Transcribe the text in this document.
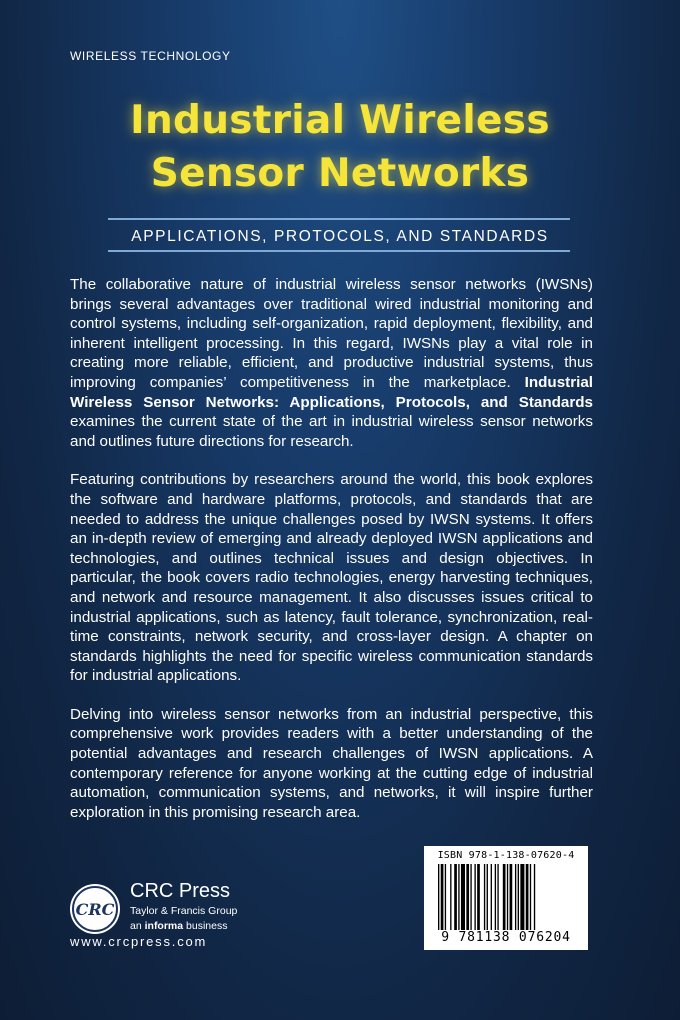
WIRELESS TECHNOLOGY
Industrial Wireless
Sensor Networks
APPLICATIONS, PROTOCOLS, AND STANDARDS

The collaborative nature of industrial wireless sensor networks (IWSNs) brings several advantages over traditional wired industrial monitoring and control systems, including self-organization, rapid deployment, flexibility, and inherent intelligent processing. In this regard, IWSNs play a vital role in creating more reliable, efficient, and productive industrial systems, thus improving companies’ competitiveness in the marketplace. Industrial Wireless Sensor Networks: Applications, Protocols, and Standards examines the current state of the art in industrial wireless sensor networks and outlines future directions for research.

Featuring contributions by researchers around the world, this book explores the software and hardware platforms, protocols, and standards that are needed to address the unique challenges posed by IWSN systems. It offers an in-depth review of emerging and already deployed IWSN applications and technologies, and outlines technical issues and design objectives. In particular, the book covers radio technologies, energy harvesting techniques, and network and resource management. It also discusses issues critical to industrial applications, such as latency, fault tolerance, synchronization, real-time constraints, network security, and cross-layer design. A chapter on standards highlights the need for specific wireless communication standards for industrial applications.

Delving into wireless sensor networks from an industrial perspective, this comprehensive work provides readers with a better understanding of the potential advantages and research challenges of IWSN applications. A contemporary reference for anyone working at the cutting edge of industrial automation, communication systems, and networks, it will inspire further exploration in this promising research area.

CRC
CRC Press
Taylor & Francis Group
an informa business
www.crcpress.com
ISBN 978-1-138-07620-4
9 781138 076204
